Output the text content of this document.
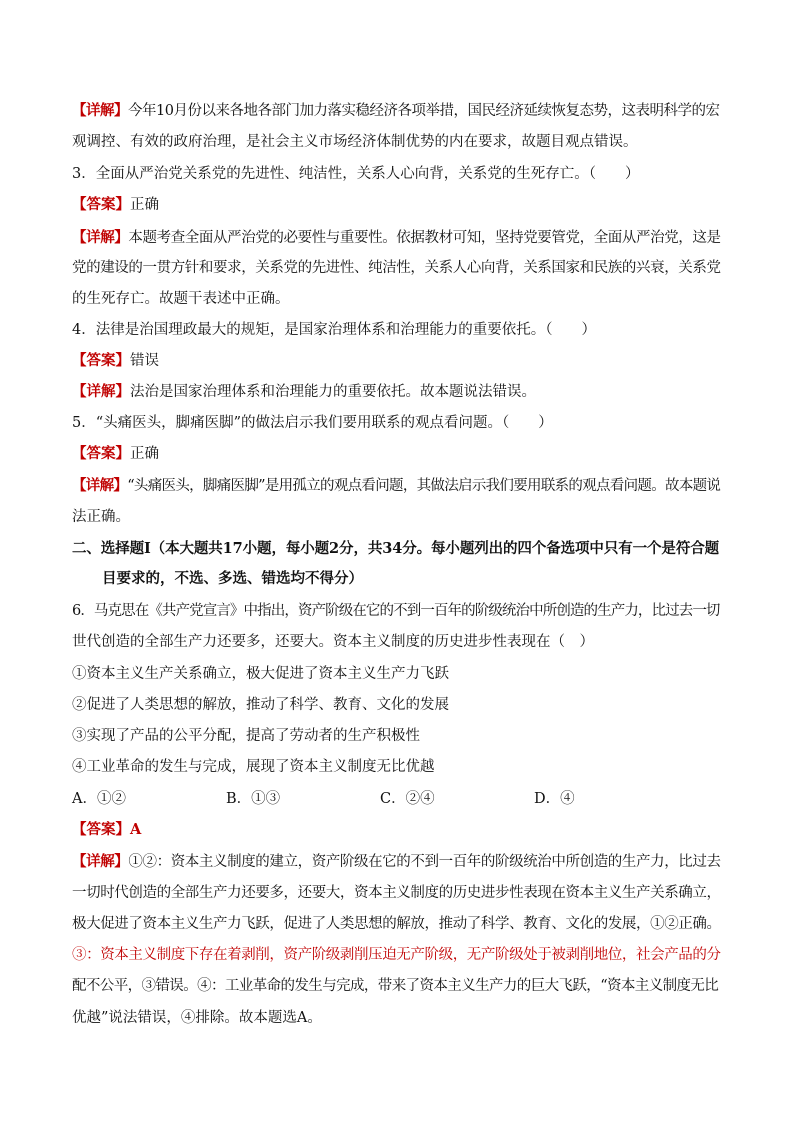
【详解】今年10月份以来各地各部门加力落实稳经济各项举措，国民经济延续恢复态势，这表明科学的宏
观调控、有效的政府治理，是社会主义市场经济体制优势的内在要求，故题目观点错误。
3．全面从严治党关系党的先进性、纯洁性，关系人心向背，关系党的生死存亡。（　　）
【答案】正确
【详解】本题考查全面从严治党的必要性与重要性。依据教材可知，坚持党要管党，全面从严治党，这是
党的建设的一贯方针和要求，关系党的先进性、纯洁性，关系人心向背，关系国家和民族的兴衰，关系党
的生死存亡。故题干表述中正确。
4．法律是治国理政最大的规矩，是国家治理体系和治理能力的重要依托。（　　）
【答案】错误
【详解】法治是国家治理体系和治理能力的重要依托。故本题说法错误。
5．“头痛医头，脚痛医脚”的做法启示我们要用联系的观点看问题。（　　）
【答案】正确
【详解】“头痛医头，脚痛医脚”是用孤立的观点看问题，其做法启示我们要用联系的观点看问题。故本题说
法正确。
二、选择题Ⅰ（本大题共17小题，每小题2分，共34分。每小题列出的四个备选项中只有一个是符合题
目要求的，不选、多选、错选均不得分）
6．马克思在《共产党宣言》中指出，资产阶级在它的不到一百年的阶级统治中所创造的生产力，比过去一切
世代创造的全部生产力还要多，还要大。资本主义制度的历史进步性表现在（　）
①资本主义生产关系确立，极大促进了资本主义生产力飞跃
②促进了人类思想的解放，推动了科学、教育、文化的发展
③实现了产品的公平分配，提高了劳动者的生产积极性
④工业革命的发生与完成，展现了资本主义制度无比优越
A．①②	B．①③	C．②④	D．④
【答案】A
【详解】①②：资本主义制度的建立，资产阶级在它的不到一百年的阶级统治中所创造的生产力，比过去
一切时代创造的全部生产力还要多，还要大，资本主义制度的历史进步性表现在资本主义生产关系确立，
极大促进了资本主义生产力飞跃，促进了人类思想的解放，推动了科学、教育、文化的发展，①②正确。
③：资本主义制度下存在着剥削，资产阶级剥削压迫无产阶级，无产阶级处于被剥削地位，社会产品的分
配不公平，③错误。④：工业革命的发生与完成，带来了资本主义生产力的巨大飞跃，“资本主义制度无比
优越”说法错误，④排除。故本题选A。
